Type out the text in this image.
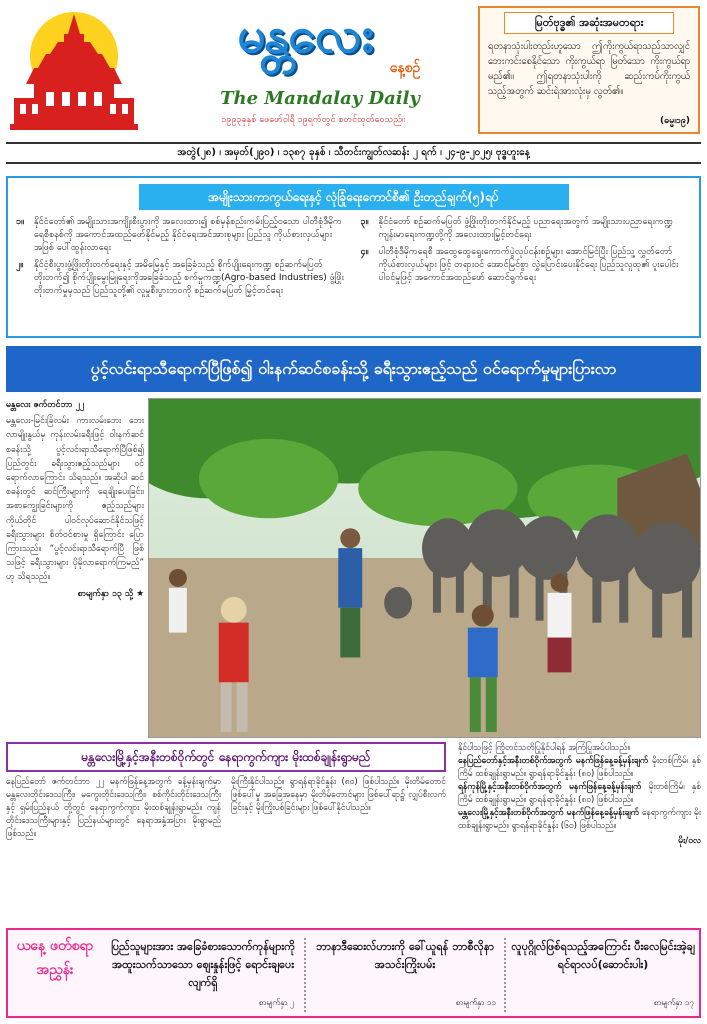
မန္တလေး
နေ့စဉ်
The Mandalay Daily
၁၉၉၃ခုနှစ် ဖေဖော်ဝါရီ ၁၉ရက်တွင် စတင်ထုတ်ဝေသည်။
မြတ်ဗုဒ္ဓ၏ အဆုံးအမတရား
ရတနာသုံးပါးတည်းဟူသော ဤကိုးကွယ်ရာသည်သာလျှင် ဘေးကင်းစေနိုင်သော ကိုးကွယ်ရာ မြတ်သော ကိုးကွယ်ရာမည်၏။ ဤရတနာသုံးပါးကို ဆည်းကပ်ကိုးကွယ်သည့်အတွက် ဆင်းရဲအားလုံးမှ လွတ်၏။
(ဓမ္မ၊၁၉)
အတွဲ(၂၈) ၊ အမှတ်(၂၉၀) ၊ ၁၃၈၇ ခုနှစ် ၊ သီတင်းကျွတ်လဆန်း ၂ ရက် ၊ ၂၄-၉-၂၀၂၅၊ ဗုဒ္ဓဟူးနေ့
အမျိုးသားကာကွယ်ရေးနှင့် လုံခြုံရေးကောင်စီ၏ ဦးတည်ချက်(၅)ရပ်
၁။	နိုင်ငံတော်၏ အမျိုးသားအကျိုးစီးပွားကို အလေးထား၍ စစ်မှန်စည်းကမ်းပြည့်ဝသော ပါတီစုံဒီမိုကရေစီစနစ်ကို အကောင်အထည်ဖော်နိုင်မည့် နိုင်ငံရေးအင်အားစုများ ပြည်သူ ကိုယ်စားလှယ်များအဖြစ် ပေါ်ထွန်းလာရေး
၂။	နိုင်ငံ့စီးပွားဖွံ့ဖြိုးတိုးတက်ရေးနှင့် အမိမြေနှင့် အခြေခံသည့် စိုက်ပျိုးရေးကဏ္ဍ စဉ်ဆက်မပြတ်တိုးတက်၍ စိုက်ပျိုးမွေးမြူရေးကိုအခြေခံသည့် စက်မှုကဏ္ဍ(Agro-based Industries) ဖွံ့ဖြိုးတိုးတက်မှုမှသည် ပြည်သူတို့၏ လူမှုစီးပွားဘဝကို စဉ်ဆက်မပြတ် မြှင့်တင်ရေး
၃။	နိုင်ငံတော် စဉ်ဆက်မပြတ် ဖွံ့ဖြိုးတိုးတက်နိုင်မည့် ပညာရေးအတွက် အမျိုးသားပညာရေးကဏ္ဍ ကျန်းမာရေးကဏ္ဍတို့ကို အလေးထားမြှင့်တင်ရေး
၄။	ပါတီစုံဒီမိုကရေစီ အထွေထွေရွေးကောက်ပွဲလုပ်ငန်းစဉ်များ အောင်မြင်ပြီး ပြည်သူ့ လွှတ်တော်ကိုယ်စားလှယ်များ ဖြင့် တရားဝင် အောင်မြင်စွာ လွှဲပြောင်းပေးနိုင်ရေး ပြည်သူလူထု၏ ပူးပေါင်းပါဝင်မှုဖြင့် အကောင်အထည်ဖော် ဆောင်ရွက်ရေး
ပွင့်လင်းရာသီရောက်ပြီဖြစ်၍ ဝါးနက်ဆင်စခန်းသို့ ခရီးသွားဧည့်သည် ဝင်ရောက်မှုများပြားလာ
မန္တလေး ဇက်တင်ဘာ ၂၂
မန္တလေး-မြင်းခြံလမ်း ကားလမ်းဘေး ဘေးလာမျိုးနွယ်မှ ကုန်းလမ်းခရီးဖြင့် ဝါးနက်ဆင်စခန်းသို့ ပွင့်လင်းရာသီရောက်ပြီဖြစ်၍ ပြည်တွင်း ခရီးသွားဧည့်သည်များ ဝင်ရောက်လာကြောင်း သိရသည်။ အဆိုပါ ဆင်စခန်းတွင် ဆင်ကြီးများကို ရေချိုးပေးခြင်း၊ အစာကျွေးခြင်းများကို ဧည့်သည်များ ကိုယ်တိုင် ပါဝင်လုပ်ဆောင်နိုင်သဖြင့် ခရီးသွားများ စိတ်ဝင်စားမှု ရှိကြောင်း ပြောကြားသည်။ “ပွင့်လင်းရာသီရောက်ပြီ ဖြစ်သဖြင့် ခရီးသွားများ ပိုမိုလာရောက်ကြမည်” ဟု သိရသည်။
စာမျက်နှာ ၁၃ သို့ ★
မန္တလေးမြို့နှင့်အနီးတစ်ဝိုက်တွင် နေရာကွက်ကျား မိုးထစ်ချုန်းရွာမည်
နေပြည်တော် ဇက်တင်ဘာ ၂၂ မနက်ဖြန်နေ့အတွက် ခန့်မှန်းချက်မှာ မန္တလေးတိုင်းဒေသကြီး၊ မကွေးတိုင်းဒေသကြီး၊ စစ်ကိုင်းတိုင်းဒေသကြီးနှင့် ရှမ်းပြည်နယ် တို့တွင် နေရာကွက်ကျား မိုးထစ်ချုန်းရွာမည်။ ကျန်တိုင်းဒေသကြီးများနှင့် ပြည်နယ်များတွင် နေရာအနှံ့အပြား မိုးရွာမည်ဖြစ်သည်။
မိုးကြီးနိုင်ပါသည်။ ရွာရန်ရာခိုင်နှုန်း (၈၀) ဖြစ်ပါသည်။ မိုးတိမ်တောင်ဖြစ်ပေါ်မှု အခြေအနေမှာ မိုးတိမ်တောင်များ ဖြစ်ပေါ်ရာ၌ လျှပ်စီးလက်ခြင်းနှင့် မိုးကြိုးပစ်ခြင်းများ ဖြစ်ပေါ်နိုင်ပါသည်။
နိုင်ပါသဖြင့် ကြိုတင်သတိပြုနိုင်ပါရန် အကြံပြုအပ်ပါသည်။
နေပြည်တော်နှင့်အနီးတစ်ဝိုက်အတွက် မနက်ဖြန်နေ့ခန့်မှန်းချက် မိုးတစ်ကြိမ်၊ နှစ်ကြိမ် ထစ်ချုန်းရွာမည်။ ရွာရန်ရာခိုင်နှုန်း (၈၀) ဖြစ်ပါသည်။
ရန်ကုန်မြို့နှင့်အနီးတစ်ဝိုက်အတွက် မနက်ဖြန်နေ့ခန့်မှန်းချက် မိုးတစ်ကြိမ်၊ နှစ်ကြိမ် ထစ်ချုန်းရွာမည်။ ရွာရန်ရာခိုင်နှုန်း (၈၀) ဖြစ်ပါသည်။
မန္တလေးမြို့နှင့်အနီးတစ်ဝိုက်အတွက် မနက်ဖြန်နေ့ခန့်မှန်းချက် နေရာကွက်ကျား မိုးထစ်ချုန်းရွာမည်။ ရွာရန်ရာခိုင်နှုန်း (၆၀) ဖြစ်ပါသည်။
မိုး/ဝလ
ယနေ့ ဖတ်စရာ အညွှန်း
ပြည်သူများအား အခြေခံစားသောက်ကုန်များကို အထူးသက်သာသော ဈေးနှုန်းဖြင့် ရောင်းချပေးလျက်ရှိ
စာမျက်နှာ ၂
ဘာနာဒီဆေးလ်ဟားကို ခေါ်ယူရန် ဘာစီလိုနာအသင်းကြိုးပမ်း
စာမျက်နှာ ၁၁
လူပုဂ္ဂိုလ်ဖြစ်ရသည့်အကြောင်း ပီးလေမြင်းအဲ့ချ ရင်ရာလပ်(ဆောင်းပါး)
စာမျက်နှာ ၁၇
